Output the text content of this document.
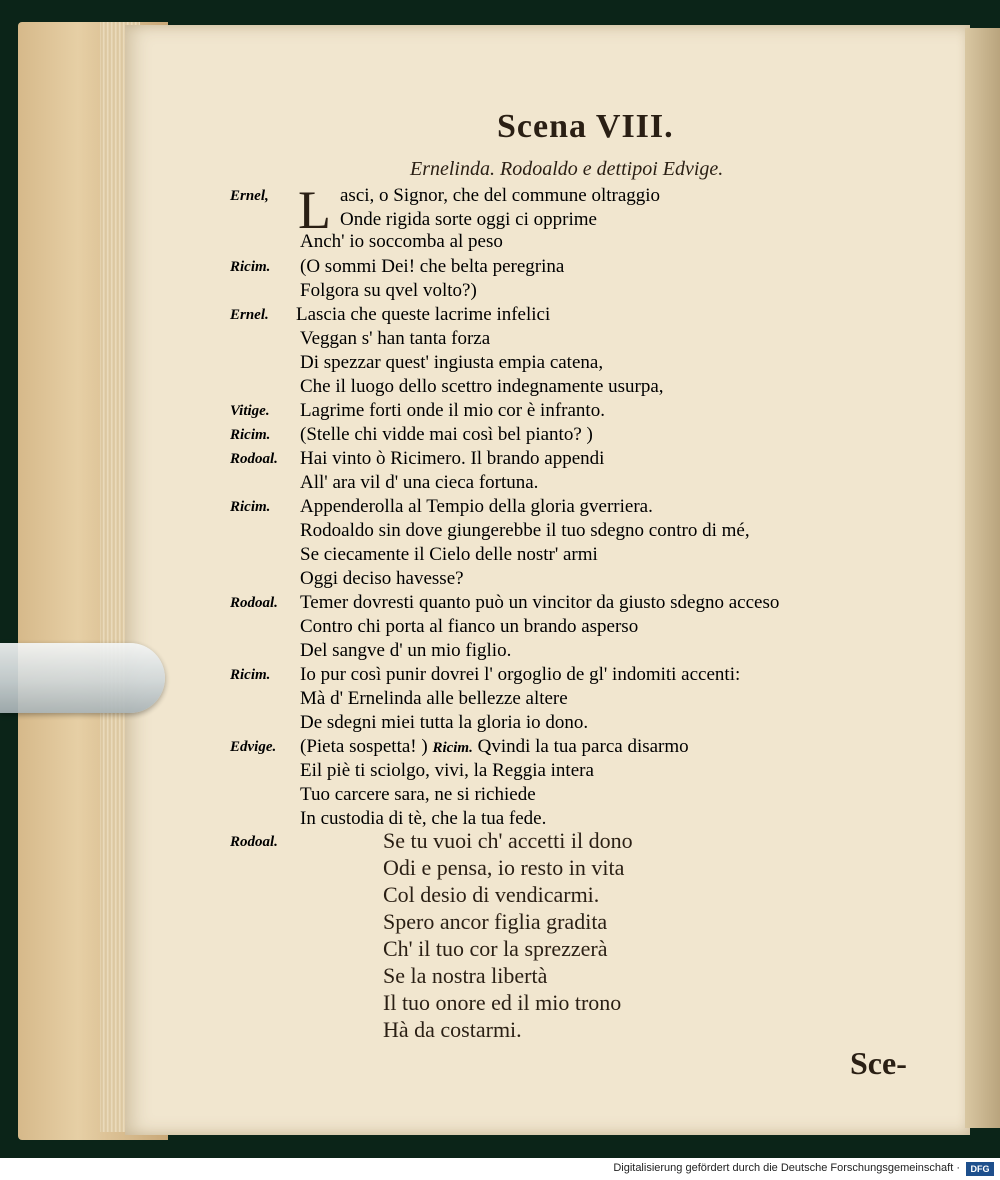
Scena VIII.
Ernelinda. Rodoaldo e dettipoi Edvige.
L
Ernel,	asci, o Signor, che del commune oltraggio
Onde rigida sorte oggi ci opprime
Anch' io soccomba al peso
Ricim. (O sommi Dei! che belta peregrina
Folgora su qvel volto?)
Ernel. Lascia che queste lacrime infelici
Veggan s' han tanta forza
Di spezzar quest' ingiusta empia catena,
Che il luogo dello scettro indegnamente usurpa,
Vitige. Lagrime forti onde il mio cor è infranto.
Ricim. (Stelle chi vidde mai così bel pianto? )
Rodoal. Hai vinto ò Ricimero. Il brando appendi
All' ara vil d' una cieca fortuna.
Ricim. Appenderolla al Tempio della gloria gverriera.
Rodoaldo sin dove giungerebbe il tuo sdegno contro di mé,
Se ciecamente il Cielo delle nostr' armi
Oggi deciso havesse?
Rodoal. Temer dovresti quanto può un vincitor da giusto sdegno acceso
Contro chi porta al fianco un brando asperso
Del sangve d' un mio figlio.
Ricim. Io pur così punir dovrei l' orgoglio de gl' indomiti accenti:
Mà d' Ernelinda alle bellezze altere
De sdegni miei tutta la gloria io dono.
Edvige. (Pieta sospetta! ) Ricim. Qvindi la tua parca disarmo
Eil piè ti sciolgo, vivi, la Reggia intera
Tuo carcere sara, ne si richiede
In custodia di tè, che la tua fede.
Rodoal.	Se tu vuoi ch' accetti il dono
Odi e pensa, io resto in vita
Col desio di vendicarmi.
Spero ancor figlia gradita
Ch' il tuo cor la sprezzerà
Se la nostra libertà
Il tuo onore ed il mio trono
Hà da costarmi.
Sce-
Digitalisierung gefördert durch die Deutsche Forschungsgemeinschaft ·	DFG
